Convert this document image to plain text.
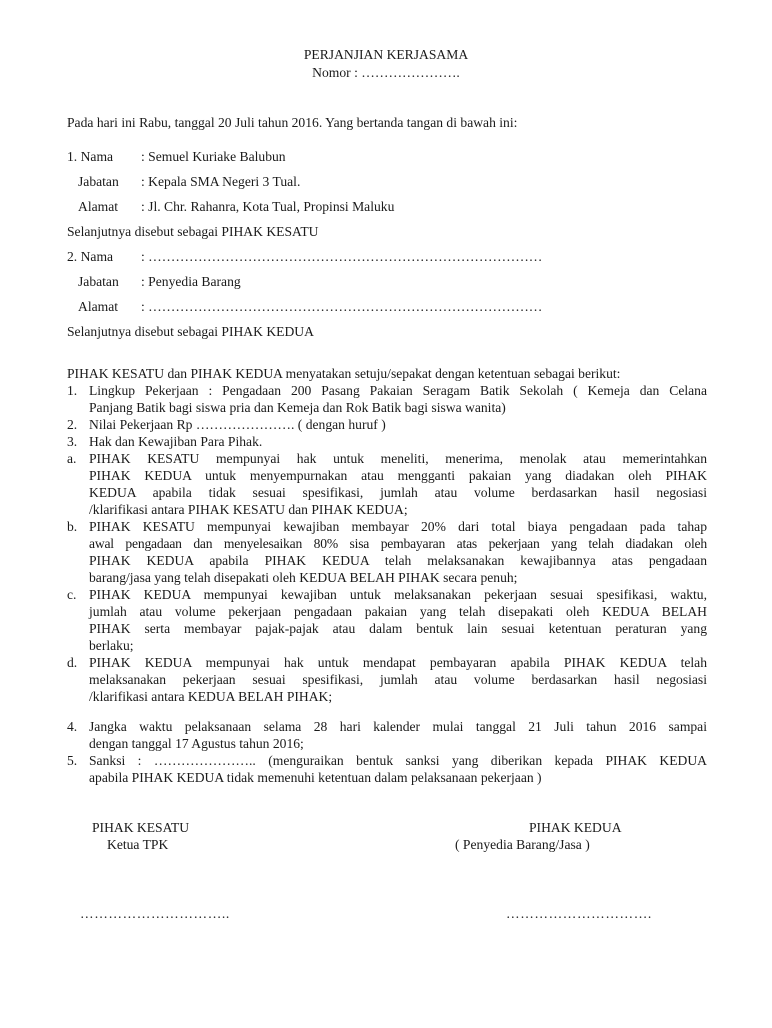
PERJANJIAN KERJASAMA
Nomor : ………………….
Pada hari ini Rabu, tanggal 20 Juli tahun 2016. Yang bertanda tangan di bawah ini:
1. Nama : Semuel Kuriake Balubun
Jabatan : Kepala SMA Negeri 3 Tual.
Alamat : Jl. Chr. Rahanra, Kota Tual, Propinsi Maluku
Selanjutnya disebut sebagai PIHAK KESATU
2. Nama : ……………………………………………………………………………
Jabatan : Penyedia Barang
Alamat : ……………………………………………………………………………
Selanjutnya disebut sebagai PIHAK KEDUA
PIHAK KESATU dan PIHAK KEDUA menyatakan setuju/sepakat dengan ketentuan sebagai berikut:
1. Lingkup Pekerjaan : Pengadaan 200 Pasang Pakaian Seragam Batik Sekolah ( Kemeja dan Celana
Panjang Batik bagi siswa pria dan Kemeja dan Rok Batik bagi siswa wanita)
2. Nilai Pekerjaan Rp …………………. ( dengan huruf )
3. Hak dan Kewajiban Para Pihak.
a. PIHAK KESATU mempunyai hak untuk meneliti, menerima, menolak atau memerintahkan
PIHAK KEDUA untuk menyempurnakan atau mengganti pakaian yang diadakan oleh PIHAK
KEDUA apabila tidak sesuai spesifikasi, jumlah atau volume berdasarkan hasil negosiasi
/klarifikasi antara PIHAK KESATU dan PIHAK KEDUA;
b. PIHAK KESATU mempunyai kewajiban membayar 20% dari total biaya pengadaan pada tahap
awal pengadaan dan menyelesaikan 80% sisa pembayaran atas pekerjaan yang telah diadakan oleh
PIHAK KEDUA apabila PIHAK KEDUA telah melaksanakan kewajibannya atas pengadaan
barang/jasa yang telah disepakati oleh KEDUA BELAH PIHAK secara penuh;
c. PIHAK KEDUA mempunyai kewajiban untuk melaksanakan pekerjaan sesuai spesifikasi, waktu,
jumlah atau volume pekerjaan pengadaan pakaian yang telah disepakati oleh KEDUA BELAH
PIHAK serta membayar pajak-pajak atau dalam bentuk lain sesuai ketentuan peraturan yang
berlaku;
d. PIHAK KEDUA mempunyai hak untuk mendapat pembayaran apabila PIHAK KEDUA telah
melaksanakan pekerjaan sesuai spesifikasi, jumlah atau volume berdasarkan hasil negosiasi
/klarifikasi antara KEDUA BELAH PIHAK;
4. Jangka waktu pelaksanaan selama 28 hari kalender mulai tanggal 21 Juli tahun 2016 sampai
dengan tanggal 17 Agustus tahun 2016;
5. Sanksi : ………………….. (menguraikan bentuk sanksi yang diberikan kepada PIHAK KEDUA
apabila PIHAK KEDUA tidak memenuhi ketentuan dalam pelaksanaan pekerjaan )
PIHAK KESATU
Ketua TPK
PIHAK KEDUA
( Penyedia Barang/Jasa )
…………………………..	………………………….
